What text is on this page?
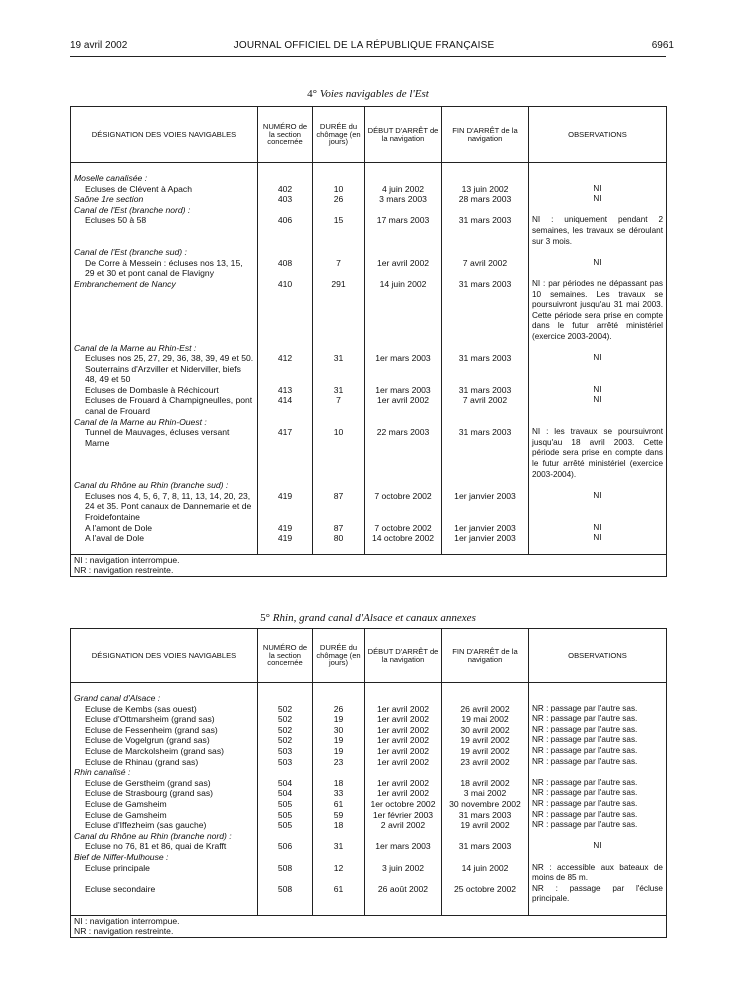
19 avril 2002	JOURNAL OFFICIEL DE LA RÉPUBLIQUE FRANÇAISE	6961
4° Voies navigables de l'Est
DÉSIGNATION DES VOIES NAVIGABLES	NUMÉRO de la section concernée	DURÉE du chômage (en jours)	DÉBUT D'ARRÊT de la navigation	FIN D'ARRÊT de la navigation	OBSERVATIONS

Moselle canalisée :					
Ecluses de Clévent à Apach	402	10	4 juin 2002	13 juin 2002	NI
Saône 1re section	403	26	3 mars 2003	28 mars 2003	NI
Canal de l'Est (branche nord) :					
Ecluses 50 à 58	406	15	17 mars 2003	31 mars 2003	NI : uniquement pendant 2 semaines, les travaux se déroulant sur 3 mois.
Canal de l'Est (branche sud) :					
De Corre à Messein : écluses nos 13, 15, 29 et 30 et pont canal de Flavigny	408	7	1er avril 2002	7 avril 2002	NI
Embranchement de Nancy	410	291	14 juin 2002	31 mars 2003	NI : par périodes ne dépassant pas 10 semaines. Les travaux se poursuivront jusqu'au 31 mai 2003. Cette période sera prise en compte dans le futur arrêté ministériel (exercice 2003-2004).
Canal de la Marne au Rhin-Est :					
Ecluses nos 25, 27, 29, 36, 38, 39, 49 et 50. Souterrains d'Arzviller et Niderviller, biefs 48, 49 et 50	412	31	1er mars 2003	31 mars 2003	NI
Ecluses de Dombasle à Réchicourt	413	31	1er mars 2003	31 mars 2003	NI
Ecluses de Frouard à Champigneulles, pont canal de Frouard	414	7	1er avril 2002	7 avril 2002	NI
Canal de la Marne au Rhin-Ouest :					
Tunnel de Mauvages, écluses versant Marne	417	10	22 mars 2003	31 mars 2003	NI : les travaux se poursuivront jusqu'au 18 avril 2003. Cette période sera prise en compte dans le futur arrêté ministériel (exercice 2003-2004).
Canal du Rhône au Rhin (branche sud) :					
Ecluses nos 4, 5, 6, 7, 8, 11, 13, 14, 20, 23, 24 et 35. Pont canaux de Dannemarie et de Froidefontaine	419	87	7 octobre 2002	1er janvier 2003	NI
A l'amont de Dole	419	87	7 octobre 2002	1er janvier 2003	NI
A l'aval de Dole	419	80	14 octobre 2002	1er janvier 2003	NI

NI : navigation interrompue.
NR : navigation restreinte.					
5° Rhin, grand canal d'Alsace et canaux annexes
DÉSIGNATION DES VOIES NAVIGABLES	NUMÉRO de la section concernée	DURÉE du chômage (en jours)	DÉBUT D'ARRÊT de la navigation	FIN D'ARRÊT de la navigation	OBSERVATIONS

Grand canal d'Alsace :					
Ecluse de Kembs (sas ouest)	502	26	1er avril 2002	26 avril 2002	NR : passage par l'autre sas.
Ecluse d'Ottmarsheim (grand sas)	502	19	1er avril 2002	19 mai 2002	NR : passage par l'autre sas.
Ecluse de Fessenheim (grand sas)	502	30	1er avril 2002	30 avril 2002	NR : passage par l'autre sas.
Ecluse de Vogelgrun (grand sas)	502	19	1er avril 2002	19 avril 2002	NR : passage par l'autre sas.
Ecluse de Marckolsheim (grand sas)	503	19	1er avril 2002	19 avril 2002	NR : passage par l'autre sas.
Ecluse de Rhinau (grand sas)	503	23	1er avril 2002	23 avril 2002	NR : passage par l'autre sas.
Rhin canalisé :					
Ecluse de Gerstheim (grand sas)	504	18	1er avril 2002	18 avril 2002	NR : passage par l'autre sas.
Ecluse de Strasbourg (grand sas)	504	33	1er avril 2002	3 mai 2002	NR : passage par l'autre sas.
Ecluse de Gamsheim	505	61	1er octobre 2002	30 novembre 2002	NR : passage par l'autre sas.
Ecluse de Gamsheim	505	59	1er février 2003	31 mars 2003	NR : passage par l'autre sas.
Ecluse d'Iffezheim (sas gauche)	505	18	2 avril 2002	19 avril 2002	NR : passage par l'autre sas.
Canal du Rhône au Rhin (branche nord) :					
Ecluse no 76, 81 et 86, quai de Krafft	506	31	1er mars 2003	31 mars 2003	NI
Bief de Niffer-Mulhouse :					
Ecluse principale	508	12	3 juin 2002	14 juin 2002	NR : accessible aux bateaux de moins de 85 m.
Ecluse secondaire	508	61	26 août 2002	25 octobre 2002	NR : passage par l'écluse principale.

NI : navigation interrompue.
NR : navigation restreinte.					
